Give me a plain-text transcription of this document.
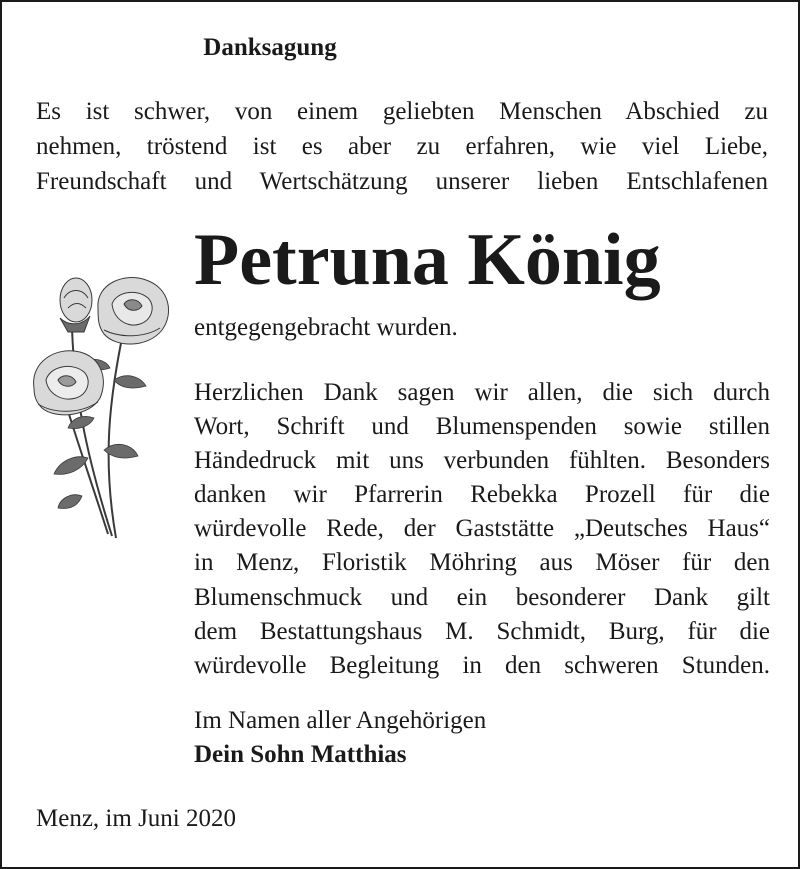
Danksagung
Es ist schwer, von einem geliebten Menschen Abschied zu
nehmen, tröstend ist es aber zu erfahren, wie viel Liebe,
Freundschaft und Wertschätzung unserer lieben Entschlafenen
Petruna König
entgegengebracht wurden.
Herzlichen Dank sagen wir allen, die sich durch
Wort, Schrift und Blumenspenden sowie stillen
Händedruck mit uns verbunden fühlten. Besonders
danken wir Pfarrerin Rebekka Prozell für die
würdevolle Rede, der Gaststätte „Deutsches Haus“
in Menz, Floristik Möhring aus Möser für den
Blumenschmuck und ein besonderer Dank gilt
dem Bestattungshaus M. Schmidt, Burg, für die
würdevolle Begleitung in den schweren Stunden.
Im Namen aller Angehörigen
Dein Sohn Matthias
Menz, im Juni 2020
